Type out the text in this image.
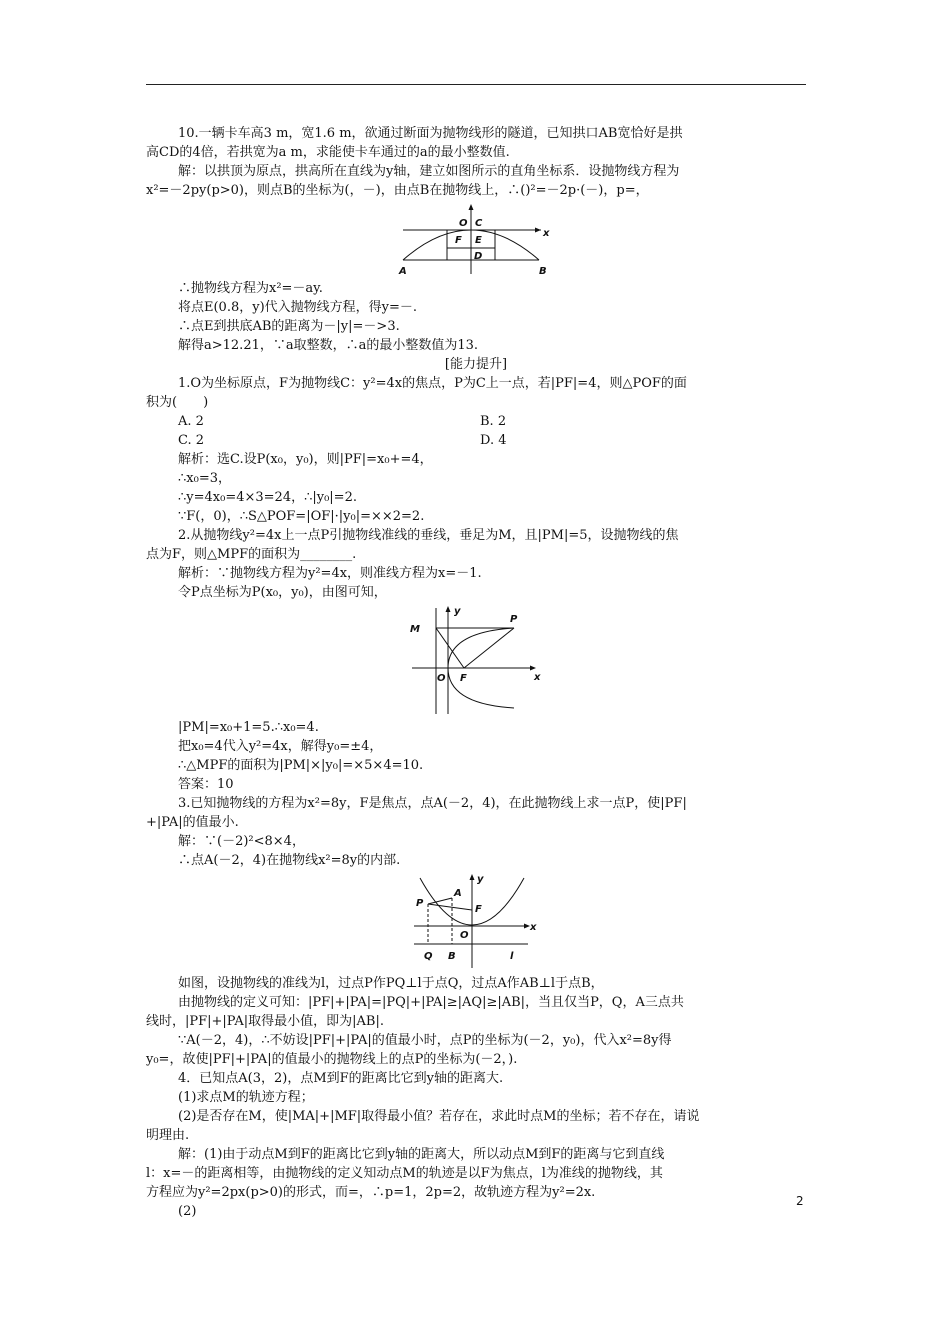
10.一辆卡车高3 m，宽1.6 m，欲通过断面为抛物线形的隧道，已知拱口AB宽恰好是拱

高CD的4倍，若拱宽为a m，求能使卡车通过的a的最小整数值.

解：以拱顶为原点，拱高所在直线为y轴，建立如图所示的直角坐标系．设抛物线方程为

x²=－2py(p>0)，则点B的坐标为(，－)，由点B在抛物线上，∴()²=－2p·(－)，p=，

O C
F E
D
A	B
x

∴抛物线方程为x²=－ay.

将点E(0.8，y)代入抛物线方程，得y=－.

∴点E到拱底AB的距离为－|y|=－>3.

解得a>12.21，∵a取整数，∴a的最小整数值为13.

[能力提升]

1.O为坐标原点，F为抛物线C：y²=4x的焦点，P为C上一点，若|PF|=4，则△POF的面

积为(　　)

A. 2	B. 2
C. 2	D. 4

解析：选C.设P(x₀，y₀)，则|PF|=x₀+=4，

∴x₀=3，

∴y=4x₀=4×3=24，∴|y₀|=2.

∵F(，0)，∴S△POF=|OF|·|y₀|=××2=2.

2.从抛物线y²=4x上一点P引抛物线准线的垂线，垂足为M，且|PM|=5，设抛物线的焦

点为F，则△MPF的面积为________.

解析：∵抛物线方程为y²=4x，则准线方程为x=－1.

令P点坐标为P(x₀，y₀)，由图可知，

M
P
O F	x
y

|PM|=x₀+1=5.∴x₀=4.

把x₀=4代入y²=4x，解得y₀=±4，

∴△MPF的面积为|PM|×|y₀|=×5×4=10.

答案：10

3.已知抛物线的方程为x²=8y，F是焦点，点A(－2，4)，在此抛物线上求一点P，使|PF|

+|PA|的值最小.

解：∵(－2)²<8×4，

∴点A(－2，4)在抛物线x²=8y的内部.

A
P
F
O
Q B	l
x
y

如图，设抛物线的准线为l，过点P作PQ⊥l于点Q，过点A作AB⊥l于点B，

由抛物线的定义可知：|PF|+|PA|=|PQ|+|PA|≥|AQ|≥|AB|，当且仅当P，Q，A三点共

线时，|PF|+|PA|取得最小值，即为|AB|.

∵A(－2，4)，∴不妨设|PF|+|PA|的值最小时，点P的坐标为(－2，y₀)，代入x²=8y得

y₀=，故使|PF|+|PA|的值最小的抛物线上的点P的坐标为(－2，).

4．已知点A(3，2)，点M到F的距离比它到y轴的距离大.

(1)求点M的轨迹方程；

(2)是否存在M，使|MA|+|MF|取得最小值？若存在，求此时点M的坐标；若不存在，请说

明理由.

解：(1)由于动点M到F的距离比它到y轴的距离大，所以动点M到F的距离与它到直线

l：x=－的距离相等，由抛物线的定义知动点M的轨迹是以F为焦点，l为准线的抛物线，其

方程应为y²=2px(p>0)的形式，而=，∴p=1，2p=2，故轨迹方程为y²=2x.

(2)

2
